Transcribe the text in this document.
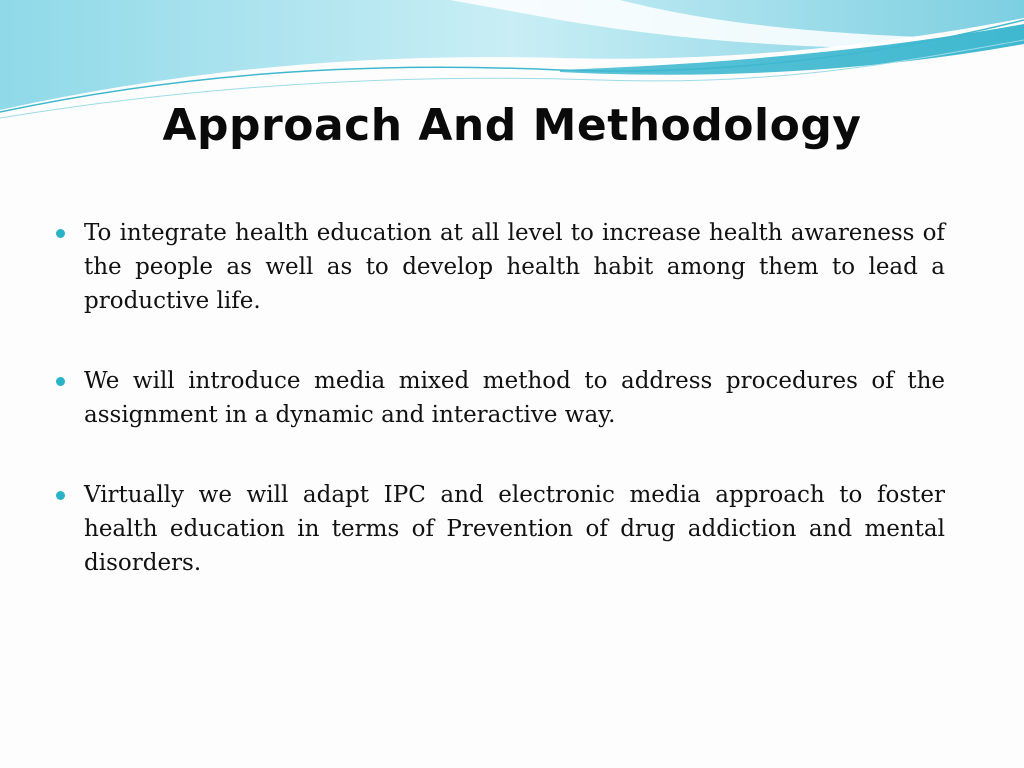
Approach And Methodology
To integrate health education at all level to increase health awareness of the people as well as to develop health habit among them to lead a productive life.
We will introduce media mixed method to address procedures of the assignment in a dynamic and interactive way.
Virtually we will adapt IPC and electronic media approach to foster health education in terms of Prevention of drug addiction and mental disorders.
